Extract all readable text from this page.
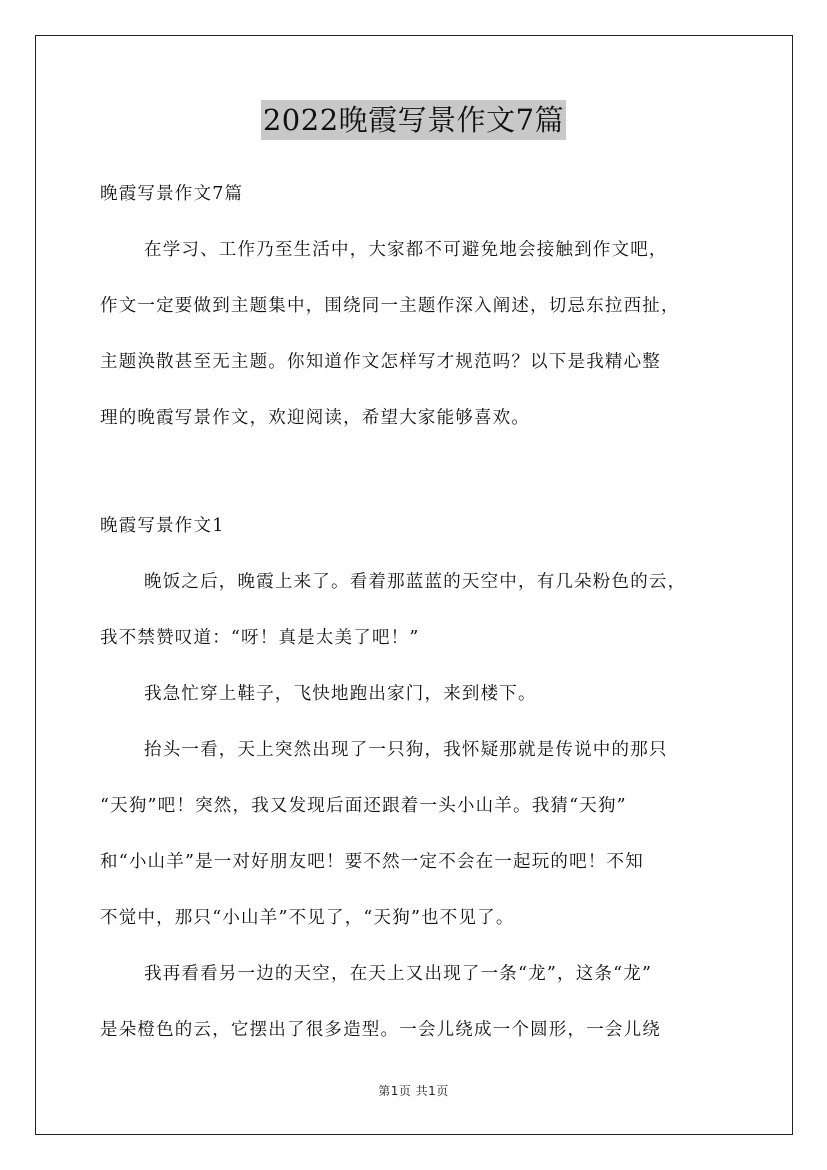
2022晚霞写景作文7篇
晚霞写景作文7篇
在学习、工作乃至生活中，大家都不可避免地会接触到作文吧，
作文一定要做到主题集中，围绕同一主题作深入阐述，切忌东拉西扯，
主题涣散甚至无主题。你知道作文怎样写才规范吗？以下是我精心整
理的晚霞写景作文，欢迎阅读，希望大家能够喜欢。
晚霞写景作文1
晚饭之后，晚霞上来了。看着那蓝蓝的天空中，有几朵粉色的云，
我不禁赞叹道：“呀！真是太美了吧！”
我急忙穿上鞋子，飞快地跑出家门，来到楼下。
抬头一看，天上突然出现了一只狗，我怀疑那就是传说中的那只
“天狗”吧！突然，我又发现后面还跟着一头小山羊。我猜“天狗”
和“小山羊”是一对好朋友吧！要不然一定不会在一起玩的吧！不知
不觉中，那只“小山羊”不见了，“天狗”也不见了。
我再看看另一边的天空，在天上又出现了一条“龙”，这条“龙”
是朵橙色的云，它摆出了很多造型。一会儿绕成一个圆形，一会儿绕
第1页 共1页
